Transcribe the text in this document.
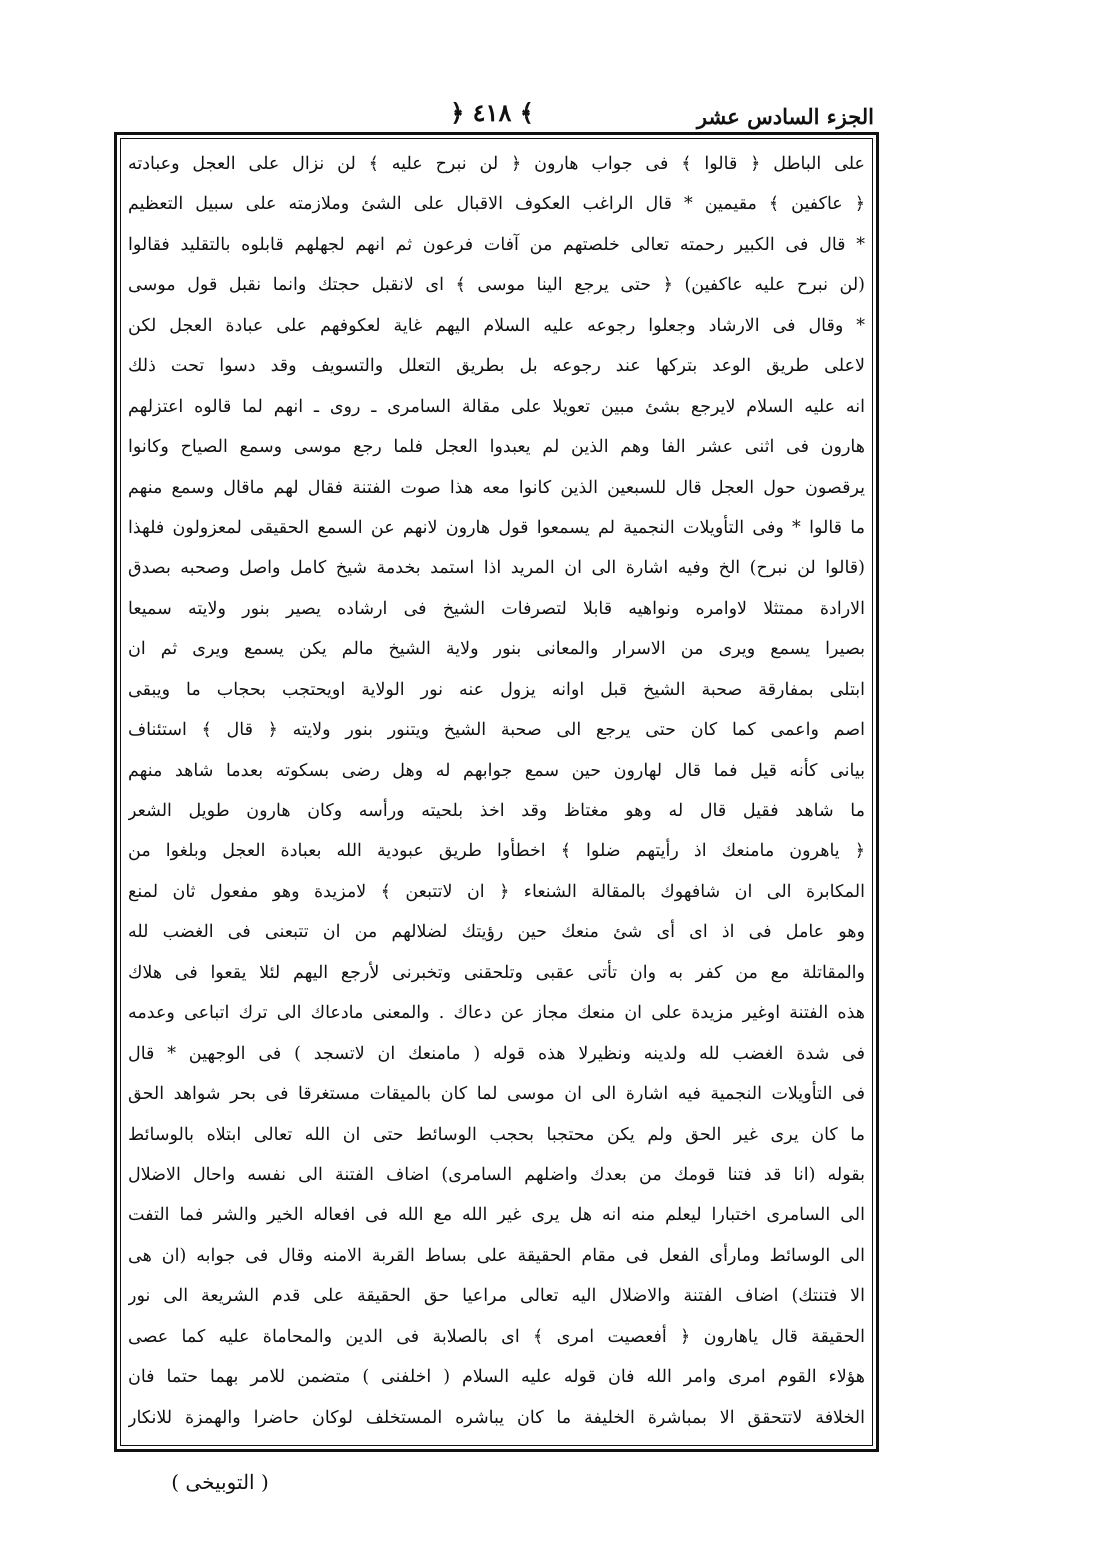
الجزء السادس عشر
﴿ ٤١٨ ﴾
على الباطل ﴿ قالوا ﴾ فى جواب هارون ﴿ لن نبرح عليه ﴾ لن نزال على العجل وعبادته
﴿ عاكفين ﴾ مقيمين * قال الراغب العكوف الاقبال على الشئ وملازمته على سبيل التعظيم
* قال فى الكبير رحمته تعالى خلصتهم من آفات فرعون ثم انهم لجهلهم قابلوه بالتقليد فقالوا
(لن نبرح عليه عاكفين) ﴿ حتى يرجع الينا موسى ﴾ اى لانقبل حجتك وانما نقبل قول موسى
* وقال فى الارشاد وجعلوا رجوعه عليه السلام اليهم غاية لعكوفهم على عبادة العجل لكن
لاعلى طريق الوعد بتركها عند رجوعه بل بطريق التعلل والتسويف وقد دسوا تحت ذلك
انه عليه السلام لايرجع بشئ مبين تعويلا على مقالة السامرى ـ روى ـ انهم لما قالوه اعتزلهم
هارون فى اثنى عشر الفا وهم الذين لم يعبدوا العجل فلما رجع موسى وسمع الصياح وكانوا
يرقصون حول العجل قال للسبعين الذين كانوا معه هذا صوت الفتنة فقال لهم ماقال وسمع منهم
ما قالوا * وفى التأويلات النجمية لم يسمعوا قول هارون لانهم عن السمع الحقيقى لمعزولون فلهذا
(قالوا لن نبرح) الخ وفيه اشارة الى ان المريد اذا استمد بخدمة شيخ كامل واصل وصحبه بصدق
الارادة ممتثلا لاوامره ونواهيه قابلا لتصرفات الشيخ فى ارشاده يصير بنور ولايته سميعا
بصيرا يسمع ويرى من الاسرار والمعانى بنور ولاية الشيخ مالم يكن يسمع ويرى ثم ان
ابتلى بمفارقة صحبة الشيخ قبل اوانه يزول عنه نور الولاية اويحتجب بحجاب ما ويبقى
اصم واعمى كما كان حتى يرجع الى صحبة الشيخ ويتنور بنور ولايته ﴿ قال ﴾ استئناف
بيانى كأنه قيل فما قال لهارون حين سمع جوابهم له وهل رضى بسكوته بعدما شاهد منهم
ما شاهد فقيل قال له وهو مغتاظ وقد اخذ بلحيته ورأسه وكان هارون طويل الشعر
﴿ ياهرون مامنعك اذ رأيتهم ضلوا ﴾ اخطأوا طريق عبودية الله بعبادة العجل وبلغوا من
المكابرة الى ان شافهوك بالمقالة الشنعاء ﴿ ان لاتتبعن ﴾ لامزيدة وهو مفعول ثان لمنع
وهو عامل فى اذ اى أى شئ منعك حين رؤيتك لضلالهم من ان تتبعنى فى الغضب لله
والمقاتلة مع من كفر به وان تأتى عقبى وتلحقنى وتخبرنى لأرجع اليهم لئلا يقعوا فى هلاك
هذه الفتنة اوغير مزيدة على ان منعك مجاز عن دعاك . والمعنى مادعاك الى ترك اتباعى وعدمه
فى شدة الغضب لله ولدينه ونظيرلا هذه قوله ( مامنعك ان لاتسجد ) فى الوجهين * قال
فى التأويلات النجمية فيه اشارة الى ان موسى لما كان بالميقات مستغرقا فى بحر شواهد الحق
ما كان يرى غير الحق ولم يكن محتجبا بحجب الوسائط حتى ان الله تعالى ابتلاه بالوسائط
بقوله (انا قد فتنا قومك من بعدك واضلهم السامرى) اضاف الفتنة الى نفسه واحال الاضلال
الى السامرى اختبارا ليعلم منه انه هل يرى غير الله مع الله فى افعاله الخير والشر فما التفت
الى الوسائط ومارأى الفعل فى مقام الحقيقة على بساط القربة الامنه وقال فى جوابه (ان هى
الا فتنتك) اضاف الفتنة والاضلال اليه تعالى مراعيا حق الحقيقة على قدم الشريعة الى نور
الحقيقة قال ياهارون ﴿ أفعصيت امرى ﴾ اى بالصلابة فى الدين والمحاماة عليه كما عصى
هؤلاء القوم امرى وامر الله فان قوله عليه السلام ( اخلفنى ) متضمن للامر بهما حتما فان
الخلافة لاتتحقق الا بمباشرة الخليفة ما كان يباشره المستخلف لوكان حاضرا والهمزة للانكار
( التوبيخى )
